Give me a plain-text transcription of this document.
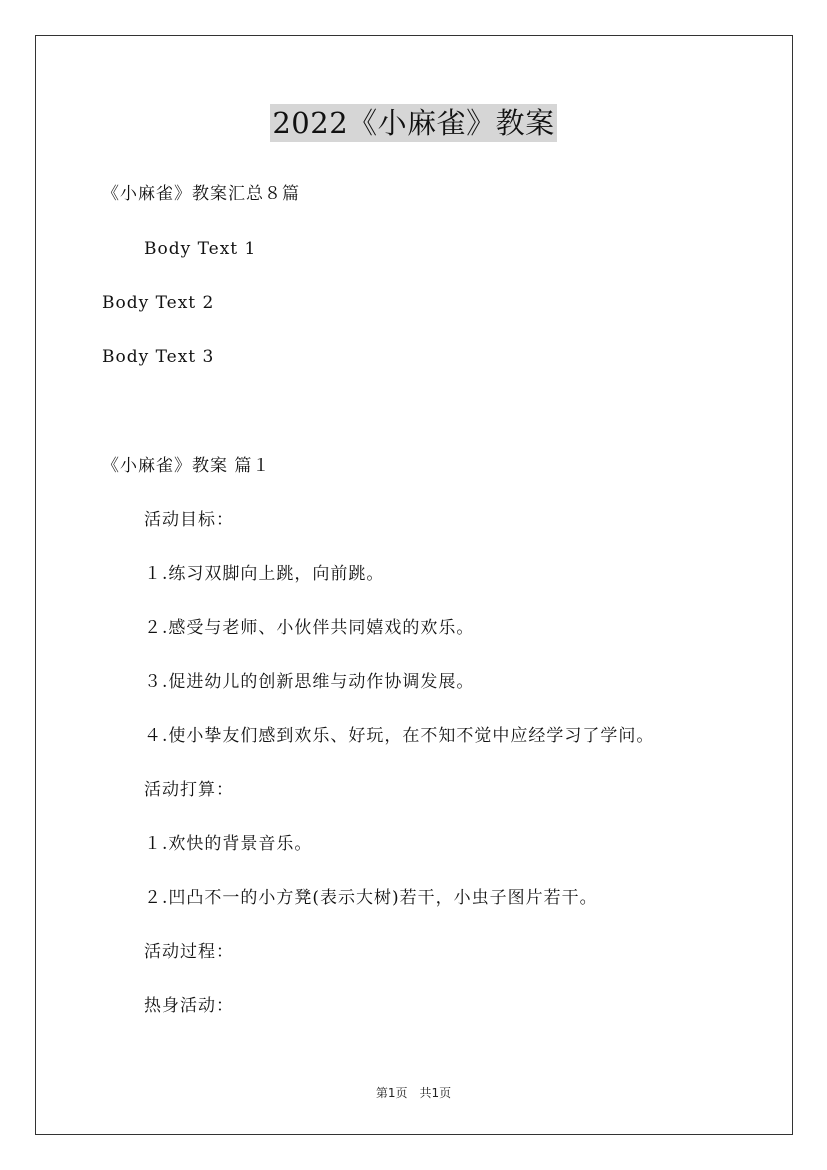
2022《小麻雀》教案
《小麻雀》教案汇总８篇
Body Text 1
Body Text 2
Body Text 3
《小麻雀》教案 篇１
活动目标：
１.练习双脚向上跳，向前跳。
２.感受与老师、小伙伴共同嬉戏的欢乐。
３.促进幼儿的创新思维与动作协调发展。
４.使小挚友们感到欢乐、好玩，在不知不觉中应经学习了学问。
活动打算：
１.欢快的背景音乐。
２.凹凸不一的小方凳(表示大树)若干，小虫子图片若干。
活动过程：
热身活动：
第1页　共1页
